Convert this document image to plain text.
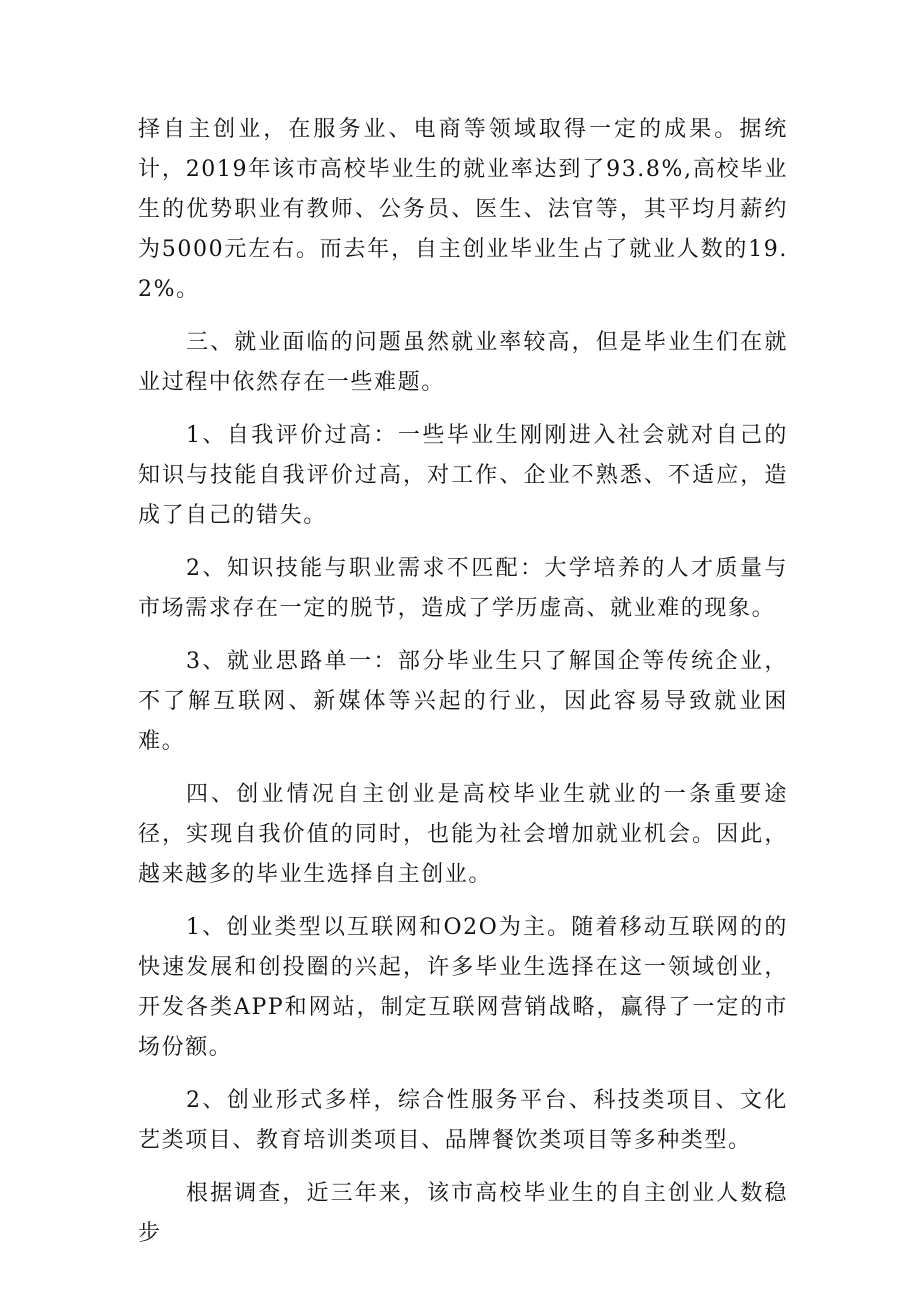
择自主创业，在服务业、电商等领域取得一定的成果。据统计，2019年该市高校毕业生的就业率达到了93.8%,高校毕业生的优势职业有教师、公务员、医生、法官等，其平均月薪约为5000元左右。而去年，自主创业毕业生占了就业人数的19.2%。

三、就业面临的问题虽然就业率较高，但是毕业生们在就业过程中依然存在一些难题。

1、自我评价过高：一些毕业生刚刚进入社会就对自己的知识与技能自我评价过高，对工作、企业不熟悉、不适应，造成了自己的错失。

2、知识技能与职业需求不匹配：大学培养的人才质量与市场需求存在一定的脱节，造成了学历虚高、就业难的现象。

3、就业思路单一：部分毕业生只了解国企等传统企业，不了解互联网、新媒体等兴起的行业，因此容易导致就业困难。

四、创业情况自主创业是高校毕业生就业的一条重要途径，实现自我价值的同时，也能为社会增加就业机会。因此，越来越多的毕业生选择自主创业。

1、创业类型以互联网和O2O为主。随着移动互联网的的快速发展和创投圈的兴起，许多毕业生选择在这一领域创业，开发各类APP和网站，制定互联网营销战略，赢得了一定的市场份额。

2、创业形式多样，综合性服务平台、科技类项目、文化艺类项目、教育培训类项目、品牌餐饮类项目等多种类型。

根据调查，近三年来，该市高校毕业生的自主创业人数稳步
